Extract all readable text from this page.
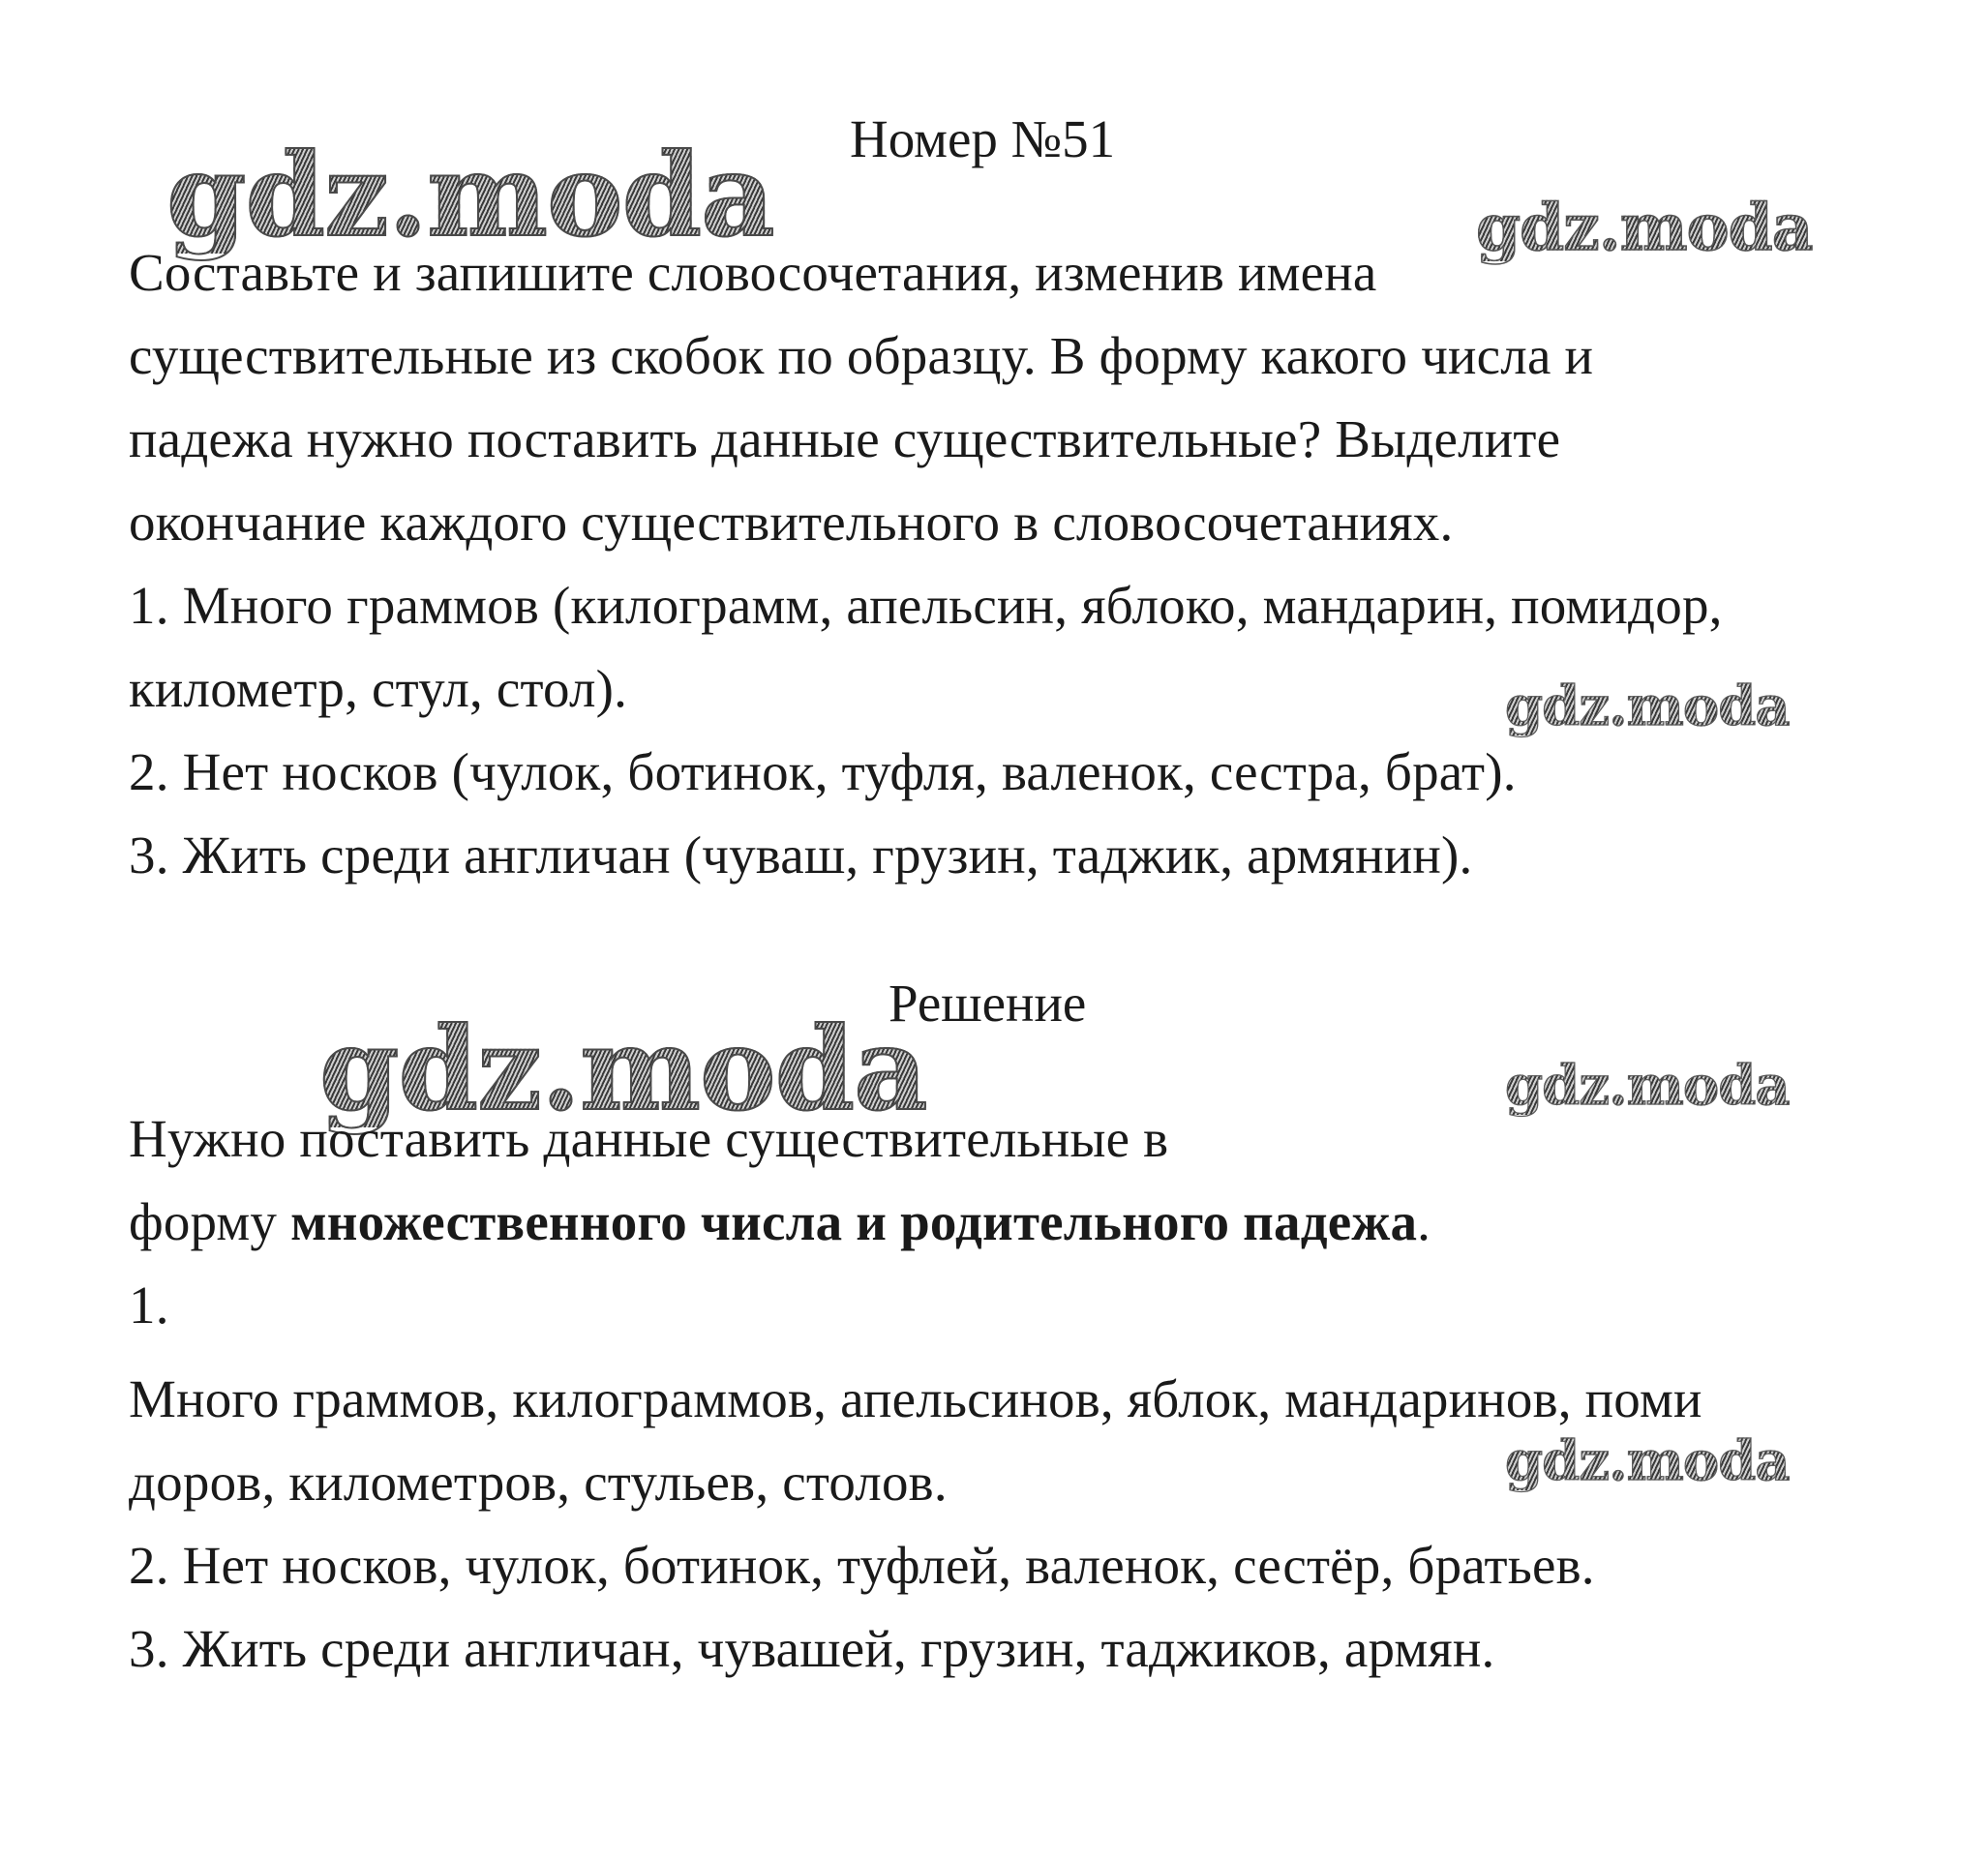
gdz.moda	gdz.moda
gdz.moda
gdz.moda	gdz.moda
gdz.moda
Номер №51
Составьте и запишите словосочетания, изменив имена
существительные из скобок по образцу. В форму какого числа и
падежа нужно поставить данные существительные? Выделите
окончание каждого существительного в словосочетаниях.
1. Много граммов (килограмм, апельсин, яблоко, мандарин, помидор,
километр, стул, стол).
2. Нет носков (чулок, ботинок, туфля, валенок, сестра, брат).
3. Жить среди англичан (чуваш, грузин, таджик, армянин).
Решение
Нужно поставить данные существительные в
форму множественного числа и родительного падежа.
1.
Много граммов, килограммов, апельсинов, яблок, мандаринов, поми
доров, километров, стульев, столов.
2. Нет носков, чулок, ботинок, туфлей, валенок, сестёр, братьев.
3. Жить среди англичан, чувашей, грузин, таджиков, армян.
